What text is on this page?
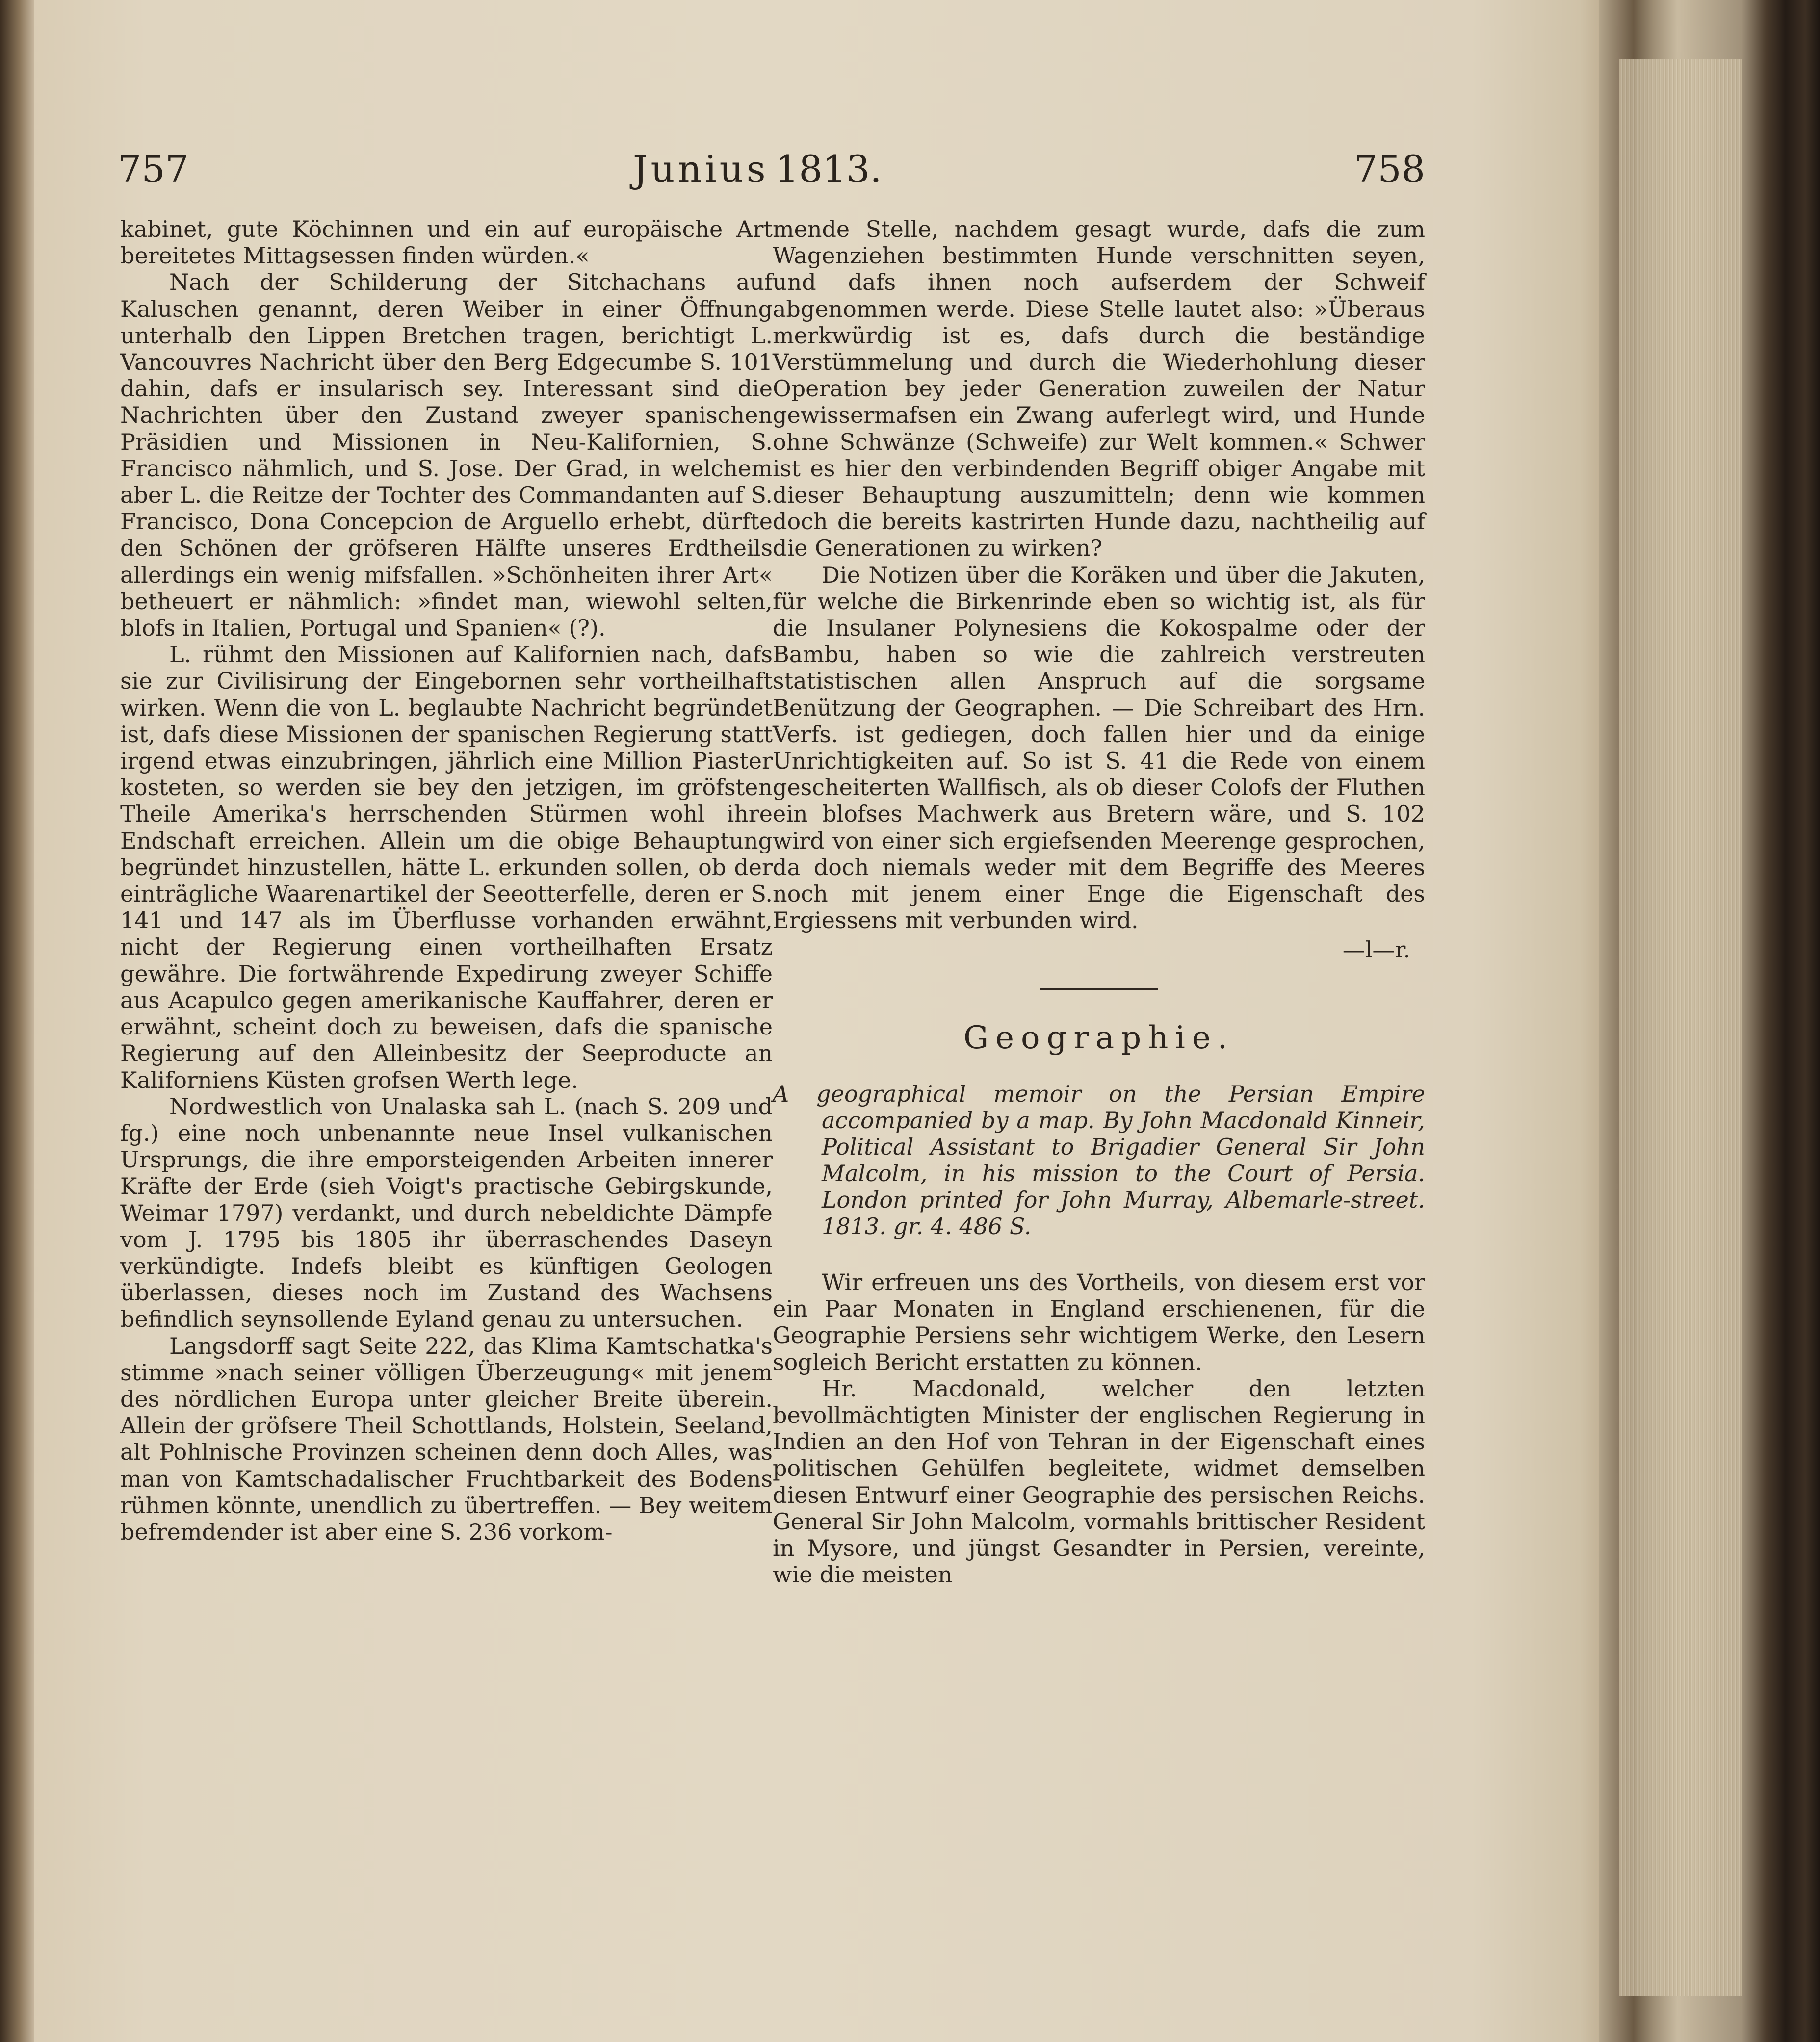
757	Junius 1813.	758

kabinet, gute Köchinnen und ein auf europäische Art bereitetes Mittagsessen finden würden.«

Nach der Schilderung der Sitchachans auf Kaluschen genannt, deren Weiber in einer Öffnung unterhalb den Lippen Bretchen tragen, berichtigt L. Vancouvres Nachricht über den Berg Edgecumbe S. 101 dahin, dafs er insularisch sey. Interessant sind die Nachrichten über den Zustand zweyer spanischen Präsidien und Missionen in Neu-Kalifornien, S. Francisco nähmlich, und S. Jose. Der Grad, in welchem aber L. die Reitze der Tochter des Commandanten auf S. Francisco, Dona Concepcion de Arguello erhebt, dürfte den Schönen der gröfseren Hälfte unseres Erdtheils allerdings ein wenig mifsfallen. »Schönheiten ihrer Art« betheuert er nähmlich: »findet man, wiewohl selten, blofs in Italien, Portugal und Spanien« (?).

L. rühmt den Missionen auf Kalifornien nach, dafs sie zur Civilisirung der Eingebornen sehr vortheilhaft wirken. Wenn die von L. beglaubte Nachricht begründet ist, dafs diese Missionen der spanischen Regierung statt irgend etwas einzubringen, jährlich eine Million Piaster kosteten, so werden sie bey den jetzigen, im gröfsten Theile Amerika's herrschenden Stürmen wohl ihre Endschaft erreichen. Allein um die obige Behauptung begründet hinzustellen, hätte L. erkunden sollen, ob der einträgliche Waarenartikel der Seeotterfelle, deren er S. 141 und 147 als im Überflusse vorhanden erwähnt, nicht der Regierung einen vortheilhaften Ersatz gewähre. Die fortwährende Expedirung zweyer Schiffe aus Acapulco gegen amerikanische Kauffahrer, deren er erwähnt, scheint doch zu beweisen, dafs die spanische Regierung auf den Alleinbesitz der Seeproducte an Kaliforniens Küsten grofsen Werth lege.

Nordwestlich von Unalaska sah L. (nach S. 209 und fg.) eine noch unbenannte neue Insel vulkanischen Ursprungs, die ihre emporsteigenden Arbeiten innerer Kräfte der Erde (sieh Voigt's practische Gebirgskunde, Weimar 1797) verdankt, und durch nebeldichte Dämpfe vom J. 1795 bis 1805 ihr überraschendes Daseyn verkündigte. Indefs bleibt es künftigen Geologen überlassen, dieses noch im Zustand des Wachsens befindlich seynsollende Eyland genau zu untersuchen.

Langsdorff sagt Seite 222, das Klima Kamtschatka's stimme »nach seiner völligen Überzeugung« mit jenem des nördlichen Europa unter gleicher Breite überein. Allein der gröfsere Theil Schottlands, Holstein, Seeland, alt Pohlnische Provinzen scheinen denn doch Alles, was man von Kamtschadalischer Fruchtbarkeit des Bodens rühmen könnte, unendlich zu übertreffen. — Bey weitem befremdender ist aber eine S. 236 vorkom-

mende Stelle, nachdem gesagt wurde, dafs die zum Wagenziehen bestimmten Hunde verschnitten seyen, und dafs ihnen noch aufserdem der Schweif abgenommen werde. Diese Stelle lautet also: »Überaus merkwürdig ist es, dafs durch die beständige Verstümmelung und durch die Wiederhohlung dieser Operation bey jeder Generation zuweilen der Natur gewissermafsen ein Zwang auferlegt wird, und Hunde ohne Schwänze (Schweife) zur Welt kommen.« Schwer ist es hier den verbindenden Begriff obiger Angabe mit dieser Behauptung auszumitteln; denn wie kommen doch die bereits kastrirten Hunde dazu, nachtheilig auf die Generationen zu wirken?

Die Notizen über die Koräken und über die Jakuten, für welche die Birkenrinde eben so wichtig ist, als für die Insulaner Polynesiens die Kokospalme oder der Bambu, haben so wie die zahlreich verstreuten statistischen allen Anspruch auf die sorgsame Benützung der Geographen. — Die Schreibart des Hrn. Verfs. ist gediegen, doch fallen hier und da einige Unrichtigkeiten auf. So ist S. 41 die Rede von einem gescheiterten Wallfisch, als ob dieser Colofs der Fluthen ein blofses Machwerk aus Bretern wäre, und S. 102 wird von einer sich ergiefsenden Meerenge gesprochen, da doch niemals weder mit dem Begriffe des Meeres noch mit jenem einer Enge die Eigenschaft des Ergiessens mit verbunden wird.

—l—r.

Geographie.

A geographical memoir on the Persian Empire accompanied by a map. By John Macdonald Kinneir, Political Assistant to Brigadier General Sir John Malcolm, in his mission to the Court of Persia. London printed for John Murray, Albemarle-street. 1813. gr. 4. 486 S.

Wir erfreuen uns des Vortheils, von diesem erst vor ein Paar Monaten in England erschienenen, für die Geographie Persiens sehr wichtigem Werke, den Lesern sogleich Bericht erstatten zu können.

Hr. Macdonald, welcher den letzten bevollmächtigten Minister der englischen Regierung in Indien an den Hof von Tehran in der Eigenschaft eines politischen Gehülfen begleitete, widmet demselben diesen Entwurf einer Geographie des persischen Reichs. General Sir John Malcolm, vormahls brittischer Resident in Mysore, und jüngst Gesandter in Persien, vereinte, wie die meisten
